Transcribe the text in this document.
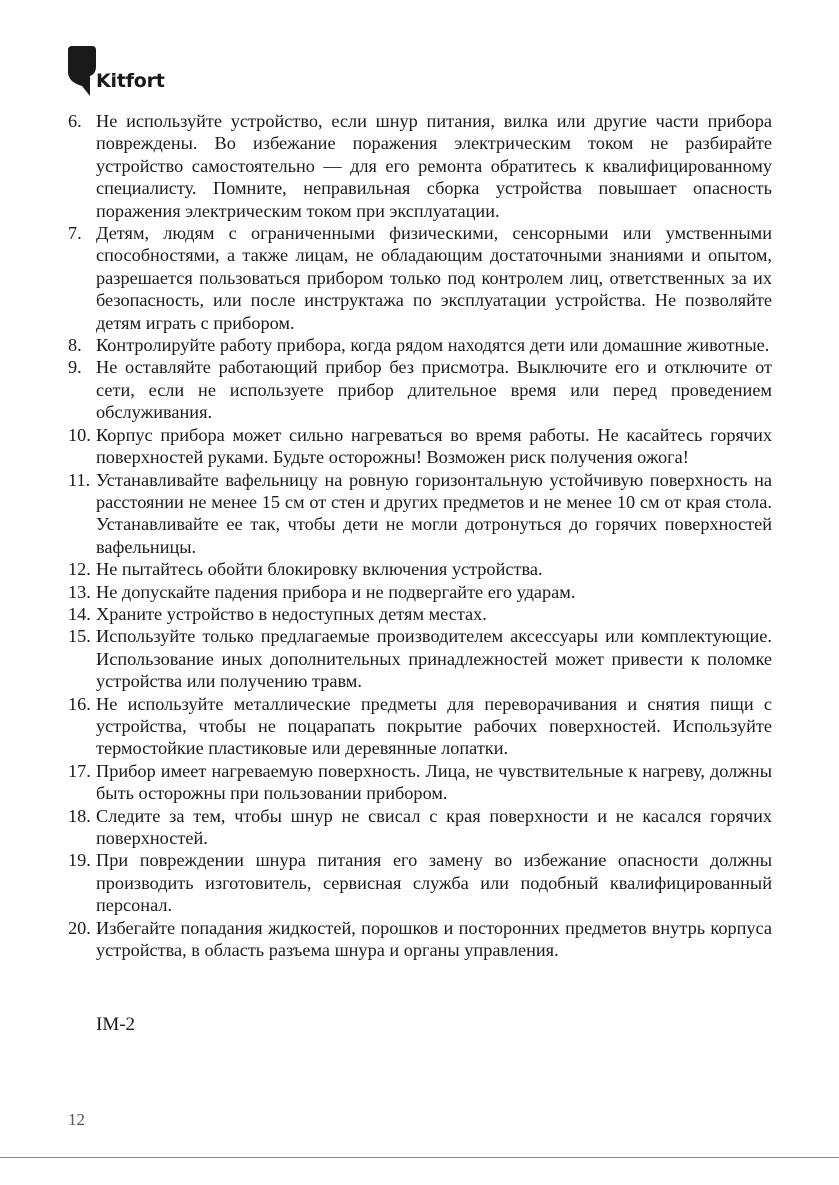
Kitfort
6. Не используйте устройство, если шнур питания, вилка или другие части прибора повреждены. Во избежание поражения электрическим током не разбирайте устройство самостоятельно — для его ремонта обратитесь к квалифицированному специалисту. Помните, неправильная сборка устройства повышает опасность поражения электрическим током при эксплуатации.
7. Детям, людям с ограниченными физическими, сенсорными или умственными способностями, а также лицам, не обладающим достаточными знаниями и опытом, разрешается пользоваться прибором только под контролем лиц, ответственных за их безопасность, или после инструктажа по эксплуатации устройства. Не позволяйте детям играть с прибором.
8. Контролируйте работу прибора, когда рядом находятся дети или домашние животные.
9. Не оставляйте работающий прибор без присмотра. Выключите его и отключите от сети, если не используете прибор длительное время или перед проведением обслуживания.
10. Корпус прибора может сильно нагреваться во время работы. Не касайтесь горячих поверхностей руками. Будьте осторожны! Возможен риск получения ожога!
11. Устанавливайте вафельницу на ровную горизонтальную устойчивую поверхность на расстоянии не менее 15 см от стен и других предметов и не менее 10 см от края стола. Устанавливайте ее так, чтобы дети не могли дотронуться до горячих поверхностей вафельницы.
12. Не пытайтесь обойти блокировку включения устройства.
13. Не допускайте падения прибора и не подвергайте его ударам.
14. Храните устройство в недоступных детям местах.
15. Используйте только предлагаемые производителем аксессуары или комплектующие. Использование иных дополнительных принадлежностей может привести к поломке устройства или получению травм.
16. Не используйте металлические предметы для переворачивания и снятия пищи с устройства, чтобы не поцарапать покрытие рабочих поверхностей. Используйте термостойкие пластиковые или деревянные лопатки.
17. Прибор имеет нагреваемую поверхность. Лица, не чувствительные к нагреву, должны быть осторожны при пользовании прибором.
18. Следите за тем, чтобы шнур не свисал с края поверхности и не касался горячих поверхностей.
19. При повреждении шнура питания его замену во избежание опасности должны производить изготовитель, сервисная служба или подобный квалифицированный персонал.
20. Избегайте попадания жидкостей, порошков и посторонних предметов внутрь корпуса устройства, в область разъема шнура и органы управления.
IM-2
12
